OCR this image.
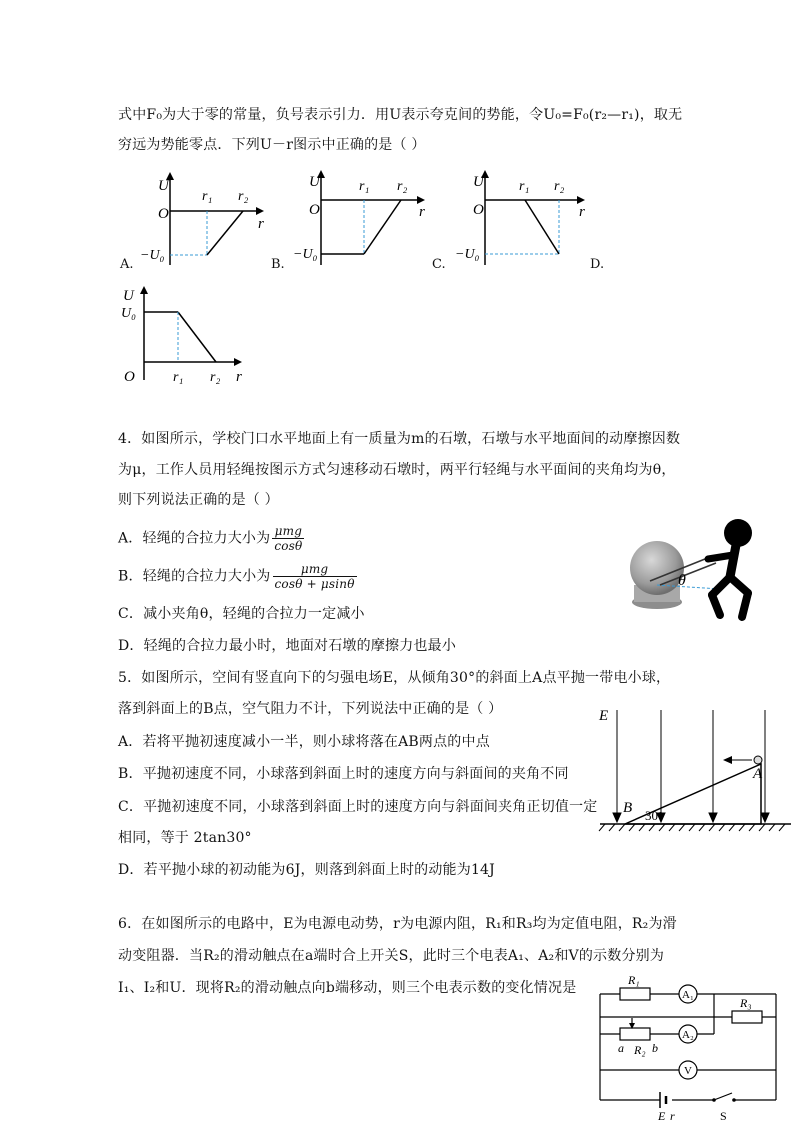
式中F₀为大于零的常量，负号表示引力．用U表示夸克间的势能，令U₀=F₀(r₂—r₁)，取无
穷远为势能零点．下列U－r图示中正确的是（ ）
U
O
r₁ r₂
r
−U₀
A.
U
O
r₁ r₂
r
−U₀
B.
U
O
r₁ r₂
r
−U₀
C.	D.
U
U₀
O	r₁ r₂ r
4．如图所示，学校门口水平地面上有一质量为m的石墩，石墩与水平地面间的动摩擦因数
为μ，工作人员用轻绳按图示方式匀速移动石墩时，两平行轻绳与水平面间的夹角均为θ，
则下列说法正确的是（ ）
A．轻绳的合拉力大小为 $\frac{\text{μmg}}{\cos\theta}$
B．轻绳的合拉力大小为 $\frac{\text{μmg}}{\cos\theta + \mu\sin\theta}$
C．减小夹角θ，轻绳的合拉力一定减小
D．轻绳的合拉力最小时，地面对石墩的摩擦力也最小
θ
5．如图所示，空间有竖直向下的匀强电场E，从倾角30°的斜面上A点平抛一带电小球，
落到斜面上的B点，空气阻力不计，下列说法中正确的是（ ）
A．若将平抛初速度减小一半，则小球将落在AB两点的中点
B．平抛初速度不同，小球落到斜面上时的速度方向与斜面间的夹角不同
C．平抛初速度不同，小球落到斜面上时的速度方向与斜面间夹角正切值一定
相同，等于 2tan30°
D．若平抛小球的初动能为6J，则落到斜面上时的动能为14J
E
A
B 30°
6．在如图所示的电路中，E为电源电动势，r为电源内阻，R₁和R₃均为定值电阻，R₂为滑
动变阻器．当R₂的滑动触点在a端时合上开关S，此时三个电表A₁、A₂和V的示数分别为
I₁、I₂和U．现将R₂的滑动触点向b端移动，则三个电表示数的变化情况是	R₁
A₁
R₃
A₂
a R₂ b
V
E r	S
